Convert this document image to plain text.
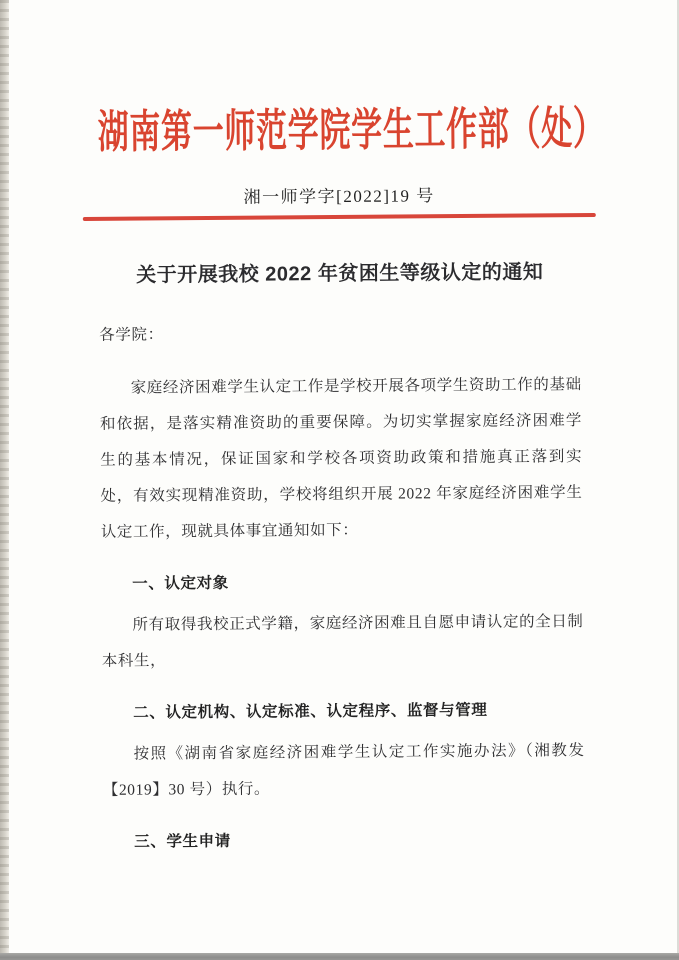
湖南第一师范学院学生工作部（处）
湘一师学字[2022]19 号
关于开展我校 2022 年贫困生等级认定的通知

各学院：

家庭经济困难学生认定工作是学校开展各项学生资助工作的基础和依据，是落实精准资助的重要保障。为切实掌握家庭经济困难学生的基本情况，保证国家和学校各项资助政策和措施真正落到实处，有效实现精准资助，学校将组织开展 2022 年家庭经济困难学生认定工作，现就具体事宜通知如下：

一、认定对象

所有取得我校正式学籍，家庭经济困难且自愿申请认定的全日制本科生，

二、认定机构、认定标准、认定程序、监督与管理

按照《湖南省家庭经济困难学生认定工作实施办法》（湘教发【2019】30 号）执行。

三、学生申请
